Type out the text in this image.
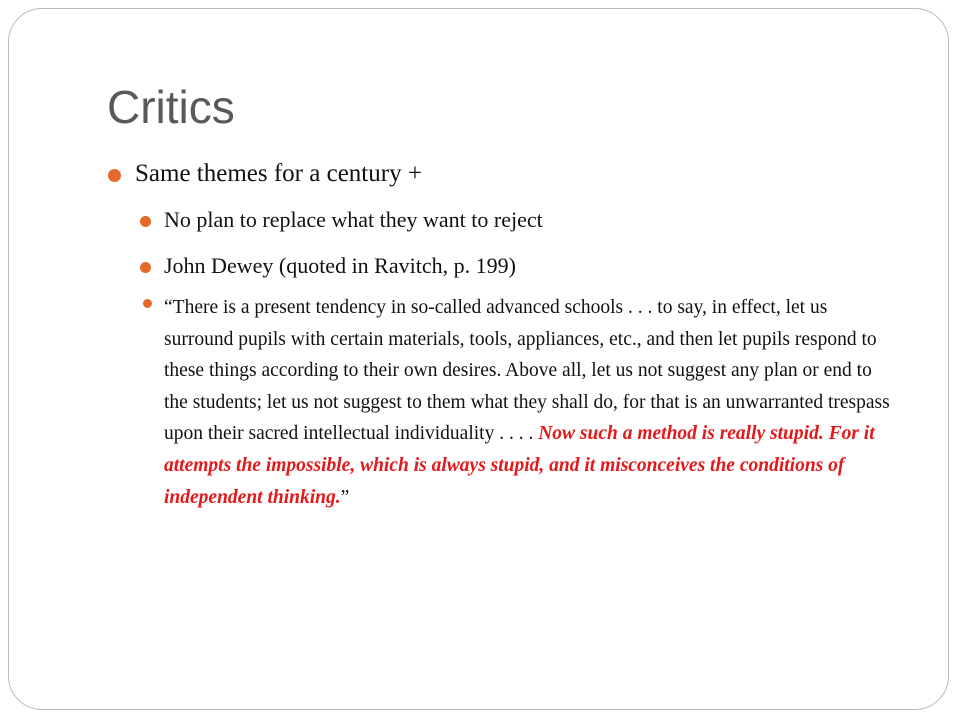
Critics

Same themes for a century +

No plan to replace what they want to reject

John Dewey (quoted in Ravitch, p. 199)

“There is a present tendency in so-called advanced schools . . . to say, in effect, let us surround pupils with certain materials, tools, appliances, etc., and then let pupils respond to these things according to their own desires. Above all, let us not suggest any plan or end to the students; let us not suggest to them what they shall do, for that is an unwarranted trespass upon their sacred intellectual individuality . . . . Now such a method is really stupid. For it attempts the impossible, which is always stupid, and it misconceives the conditions of independent thinking.”
